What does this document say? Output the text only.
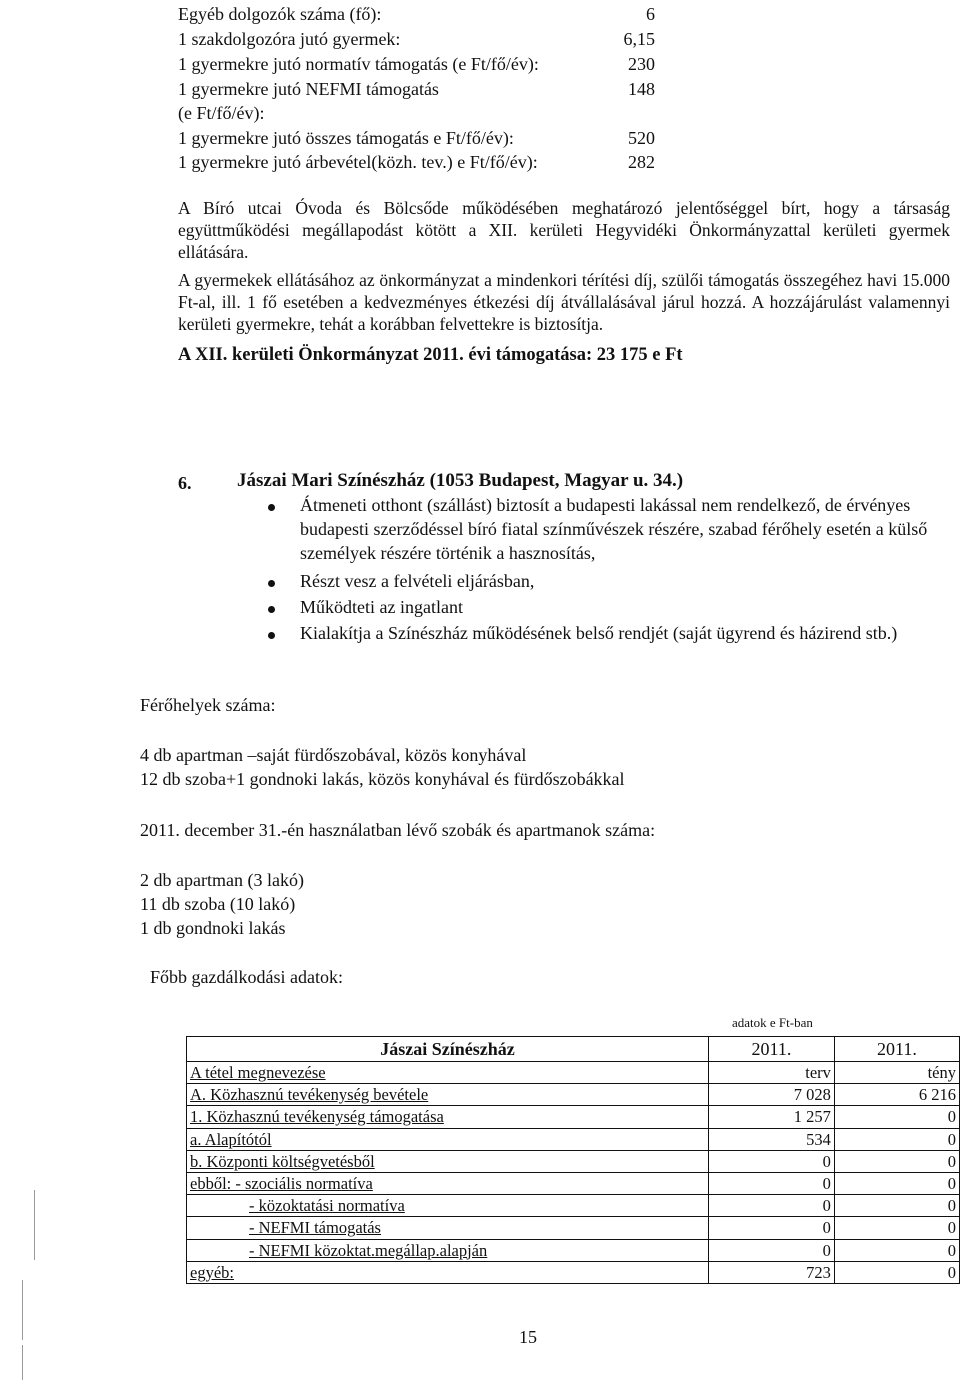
Egyéb dolgozók száma (fő):	6
1 szakdolgozóra jutó gyermek:	6,15
1 gyermekre jutó normatív támogatás (e Ft/fő/év):	230
1 gyermekre jutó NEFMI támogatás	148
(e Ft/fő/év):
1 gyermekre jutó összes támogatás e Ft/fő/év):	520
1 gyermekre jutó árbevétel(közh. tev.) e Ft/fő/év):	282
A Bíró utcai Óvoda és Bölcsőde működésében meghatározó jelentőséggel bírt, hogy a társaság együttműködési megállapodást kötött a XII. kerületi Hegyvidéki Önkormányzattal kerületi gyermek ellátására.
A gyermekek ellátásához az önkormányzat a mindenkori térítési díj, szülői támogatás összegéhez havi 15.000 Ft-al, ill. 1 fő esetében a kedvezményes étkezési díj átvállalásával járul hozzá. A hozzájárulást valamennyi kerületi gyermekre, tehát a korábban felvettekre is biztosítja.
A XII. kerületi Önkormányzat 2011. évi támogatása: 23 175 e Ft
6. Jászai Mari Színészház (1053 Budapest, Magyar u. 34.)
Átmeneti otthont (szállást) biztosít a budapesti lakással nem rendelkező, de érvényes budapesti szerződéssel bíró fiatal színművészek részére, szabad férőhely esetén a külső személyek részére történik a hasznosítás,
Részt vesz a felvételi eljárásban,
Működteti az ingatlant
Kialakítja a Színészház működésének belső rendjét (saját ügyrend és házirend stb.)
Férőhelyek száma:
4 db apartman –saját fürdőszobával, közös konyhával
12 db szoba+1 gondnoki lakás, közös konyhával és fürdőszobákkal
2011. december 31.-én használatban lévő szobák és apartmanok száma:
2 db apartman (3 lakó)
11 db szoba (10 lakó)
1 db gondnoki lakás
Főbb gazdálkodási adatok:
adatok e Ft-ban
Jászai Színészház	2011.	2011.
A tétel megnevezése	terv	tény
A. Közhasznú tevékenység bevétele	7 028	6 216
1. Közhasznú tevékenység támogatása	1 257	0
a. Alapítótól	534	0
b. Központi költségvetésből	0	0
ebből: - szociális normatíva	0	0
- közoktatási normatíva	0	0
- NEFMI támogatás	0	0
- NEFMI közoktat.megállap.alapján	0	0
egyéb:	723	0
15
